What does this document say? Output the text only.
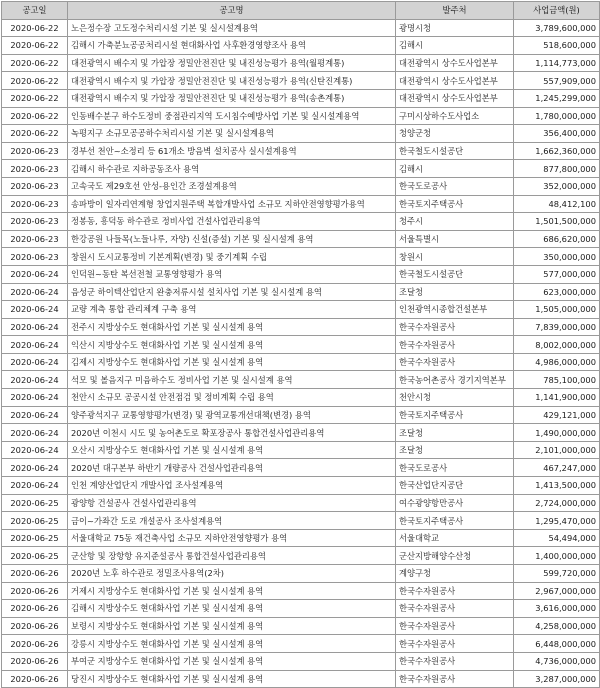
공고일	공고명	발주처	사업금액(원)
2020-06-22	노은정수장 고도정수처리시설 기본 및 실시설계용역	광명시청	3,789,600,000
2020-06-22	김해시 가축분뇨공공처리시설 현대화사업 사후환경영향조사 용역	김해시	518,600,000
2020-06-22	대전광역시 배수지 및 가압장 정밀안전진단 및 내진성능평가 용역(월평계통)	대전광역시 상수도사업본부	1,114,773,000
2020-06-22	대전광역시 배수지 및 가압장 정밀안전진단 및 내진성능평가 용역(신탄진계통)	대전광역시 상수도사업본부	557,909,000
2020-06-22	대전광역시 배수지 및 가압장 정밀안전진단 및 내진성능평가 용역(송촌계통)	대전광역시 상수도사업본부	1,245,299,000
2020-06-22	인동배수분구 하수도정비 중점관리지역 도시침수예방사업 기본 및 실시설계용역	구미시상하수도사업소	1,780,000,000
2020-06-22	녹평지구 소규모공공하수처리시설 기본 및 실시설계용역	청양군청	356,400,000
2020-06-23	경부선 천안~소정리 등 61개소 방음벽 설치공사 실시설계용역	한국철도시설공단	1,662,360,000
2020-06-23	김해시 하수관로 지하공동조사 용역	김해시	877,800,000
2020-06-23	고속국도 제29호선 안성-용인간 조경설계용역	한국도로공사	352,000,000
2020-06-23	송파방이 일자리연계형 창업지원주택 복합개발사업 소규모 지하안전영향평가용역	한국토지주택공사	48,412,100
2020-06-23	정봉동, 흥덕동 하수관로 정비사업 건설사업관리용역	청주시	1,501,500,000
2020-06-23	한강공원 나들목(노들나루, 자양) 신설(증설) 기본 및 실시설계 용역	서울특별시	686,620,000
2020-06-23	창원시 도시교통정비 기본계획(변경) 및 중기계획 수립	창원시	350,000,000
2020-06-24	인덕원~동탄 복선전철 교통영향평가 용역	한국철도시설공단	577,000,000
2020-06-24	음성군 하이텍산업단지 완충저류시설 설치사업 기본 및 실시설계 용역	조달청	623,000,000
2020-06-24	교량 계측 통합 관리체계 구축 용역	인천광역시종합건설본부	1,505,000,000
2020-06-24	전주시 지방상수도 현대화사업 기본 및 실시설계 용역	한국수자원공사	7,839,000,000
2020-06-24	익산시 지방상수도 현대화사업 기본 및 실시설계 용역	한국수자원공사	8,002,000,000
2020-06-24	김제시 지방상수도 현대화사업 기본 및 실시설계 용역	한국수자원공사	4,986,000,000
2020-06-24	석모 및 볼음지구 미음하수도 정비사업 기본 및 실시설계 용역	한국농어촌공사 경기지역본부	785,100,000
2020-06-24	천안시 소규모 공공시설 안전점검 및 정비계획 수립 용역	천안시청	1,141,900,000
2020-06-24	양주광석지구 교통영향평가(변경) 및 광역교통개선대책(변경) 용역	한국토지주택공사	429,121,000
2020-06-24	2020년 이천시 시도 및 농어촌도로 확포장공사 통합건설사업관리용역	조달청	1,490,000,000
2020-06-24	오산시 지방상수도 현대화사업 기본 및 실시설계 용역	조달청	2,101,000,000
2020-06-24	2020년 대구본부 하반기 개량공사 건설사업관리용역	한국도로공사	467,247,000
2020-06-24	인천 계양산업단지 개발사업 조사설계용역	한국산업단지공단	1,413,500,000
2020-06-25	광양항 건설공사 건설사업관리용역	여수광양항만공사	2,724,000,000
2020-06-25	금이~가좌간 도로 개설공사 조사설계용역	한국토지주택공사	1,295,470,000
2020-06-25	서울대학교 75동 재건축사업 소규모 지하안전영향평가 용역	서울대학교	54,494,000
2020-06-25	군산항 및 장항항 유지준설공사 통합건설사업관리용역	군산지방해양수산청	1,400,000,000
2020-06-26	2020년 노후 하수관로 정밀조사용역(2차)	계양구청	599,720,000
2020-06-26	거제시 지방상수도 현대화사업 기본 및 실시설계 용역	한국수자원공사	2,967,000,000
2020-06-26	김해시 지방상수도 현대화사업 기본 및 실시설계 용역	한국수자원공사	3,616,000,000
2020-06-26	보령시 지방상수도 현대화사업 기본 및 실시설계 용역	한국수자원공사	4,258,000,000
2020-06-26	강릉시 지방상수도 현대화사업 기본 및 실시설계 용역	한국수자원공사	6,448,000,000
2020-06-26	부여군 지방상수도 현대화사업 기본 및 실시설계 용역	한국수자원공사	4,736,000,000
2020-06-26	당진시 지방상수도 현대화사업 기본 및 실시설계 용역	한국수자원공사	3,287,000,000
